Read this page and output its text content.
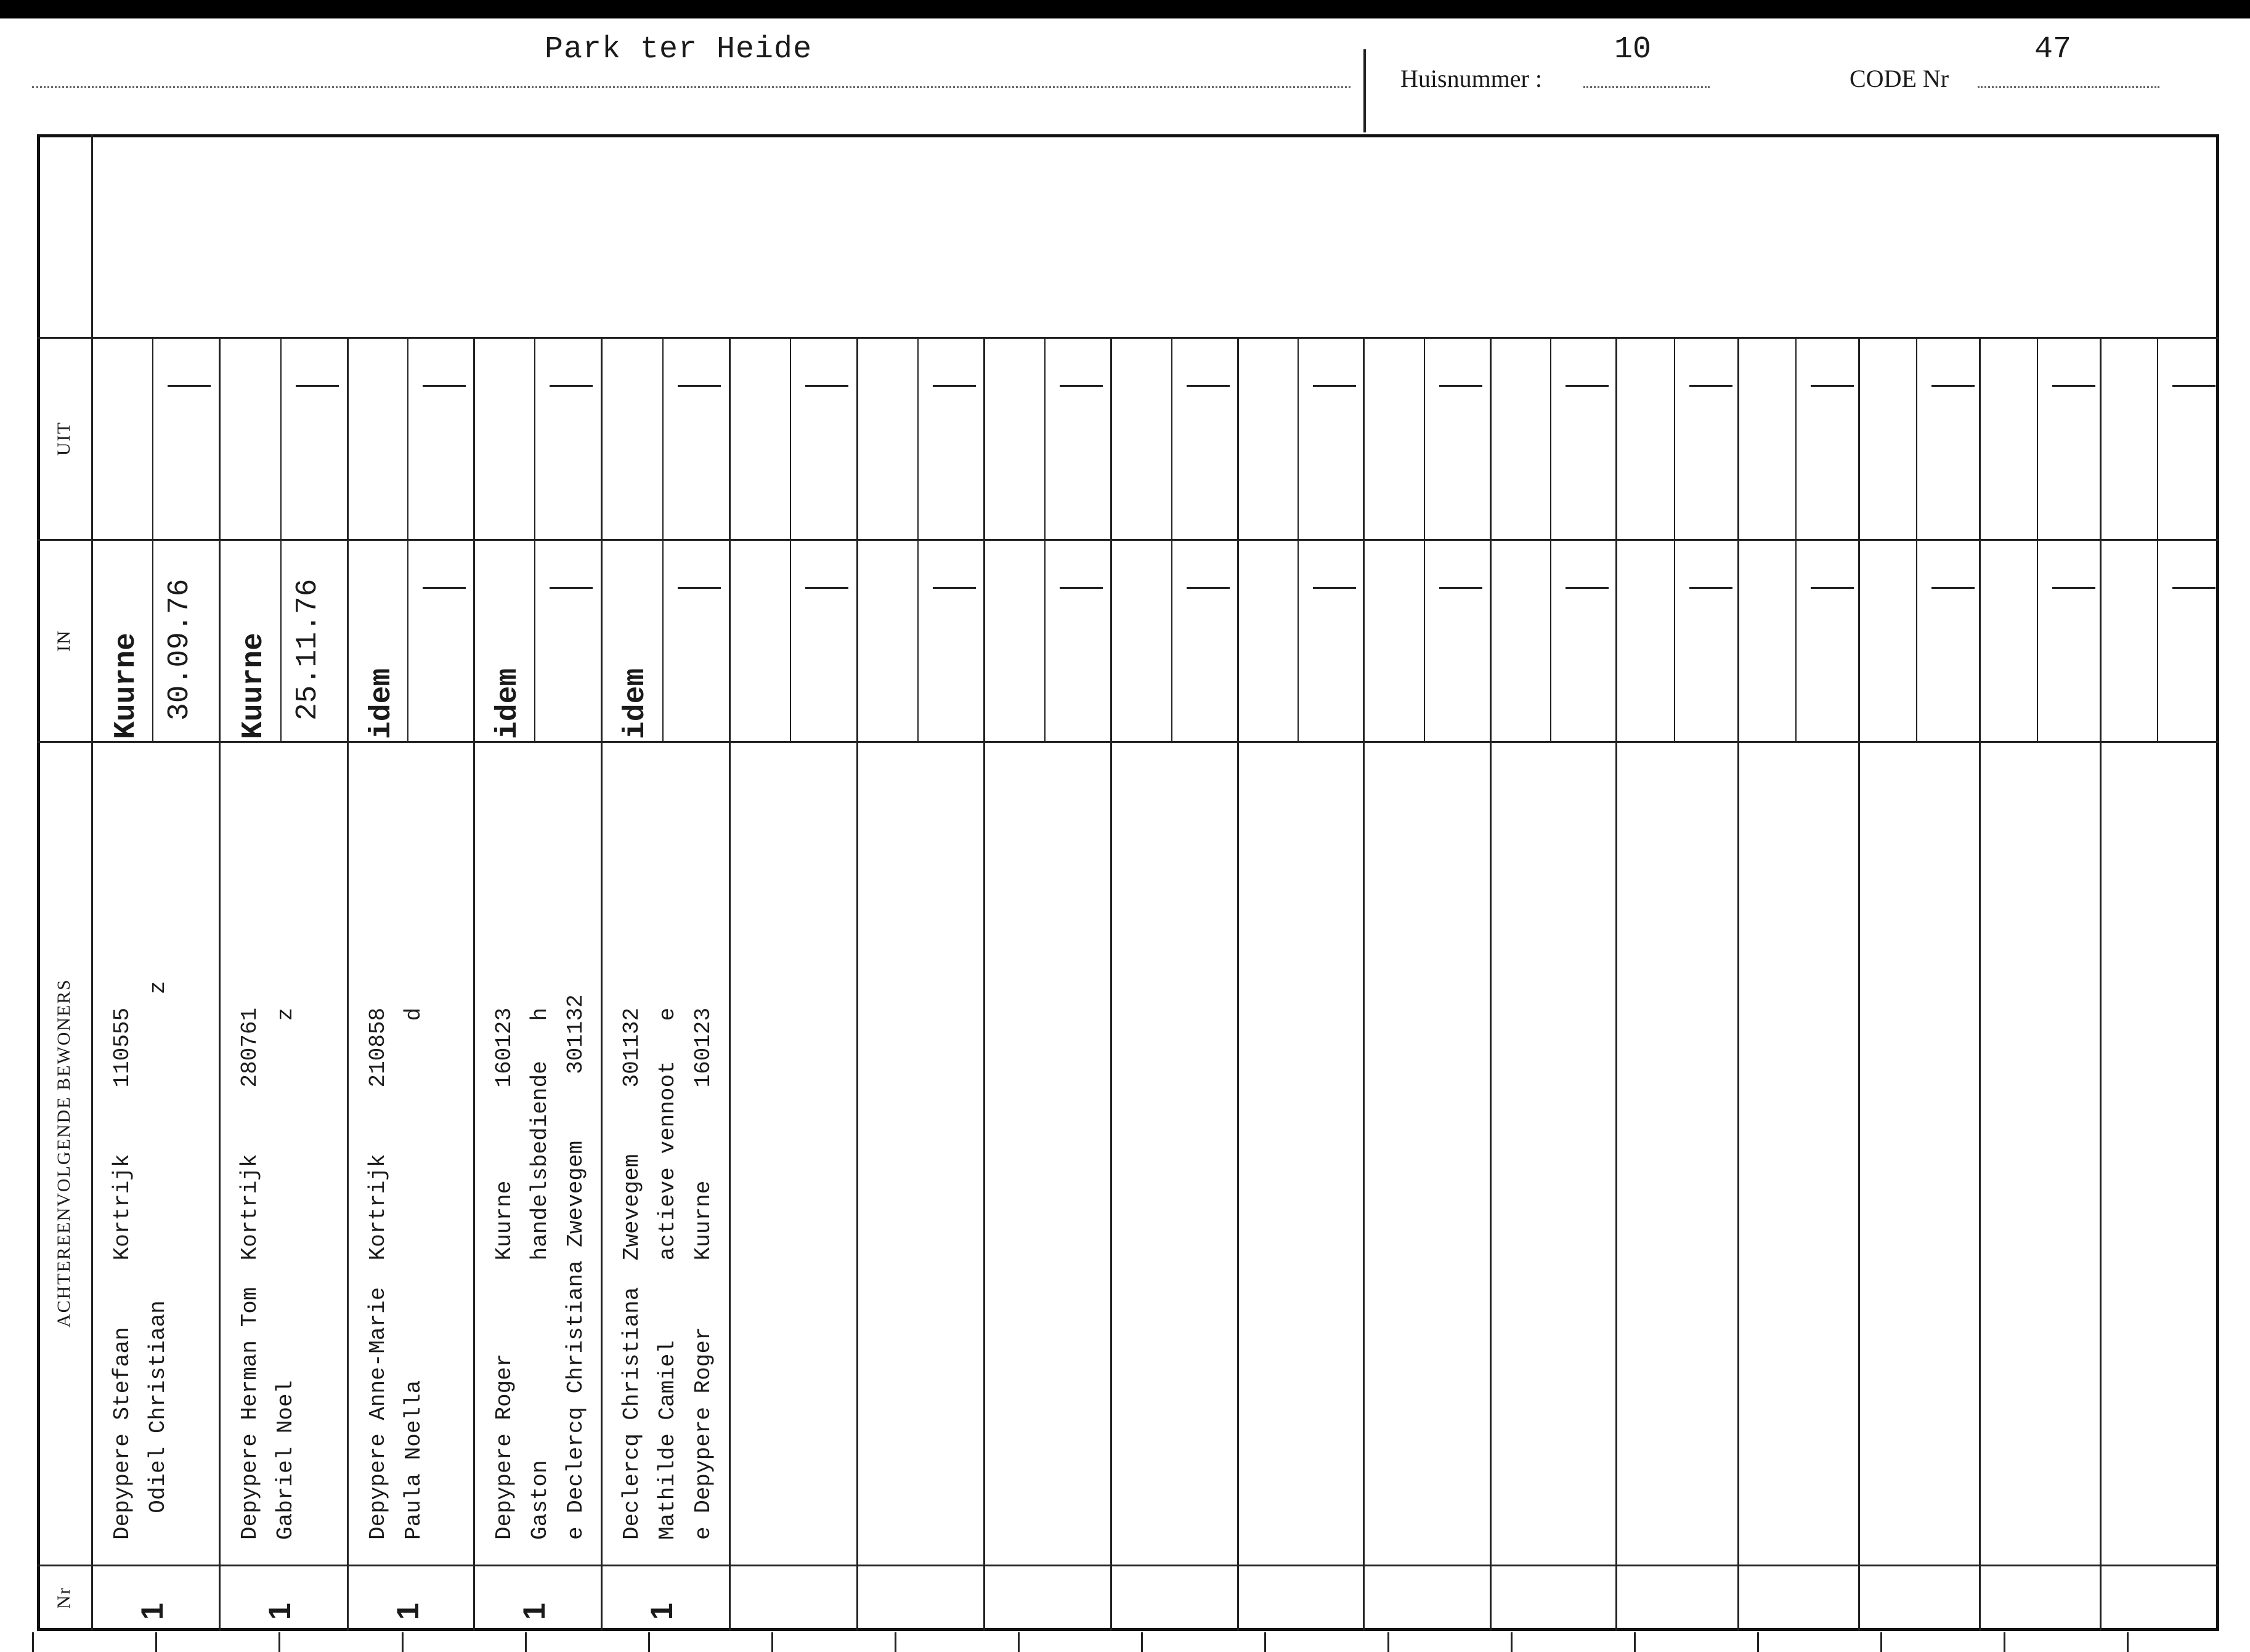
Park ter Heide
Huisnummer :
10
CODE Nr
47
UIT
IN
ACHTEREENVOLGENDE BEWONERS
Nr
Kuurne 30.09.76
Depypere Stefaan     Kortrijk     110555 Odiel Christiaan                       z
1
Kuurne 25.11.76
Depypere Herman Tom  Kortrijk     280761 Gabriel Noel                           z
1
idem
Depypere Anne-Marie  Kortrijk     210858 Paula Noella                           d
1
idem
Depypere Roger       Kuurne       160123 Gaston               handelsbediende   h e Declercq Christiana Zwevegem     301132
1
idem
Declercq Christiana  Zwevegem     301132 Mathilde Camiel      actieve vennoot   e e Depypere Roger     Kuurne       160123
1
